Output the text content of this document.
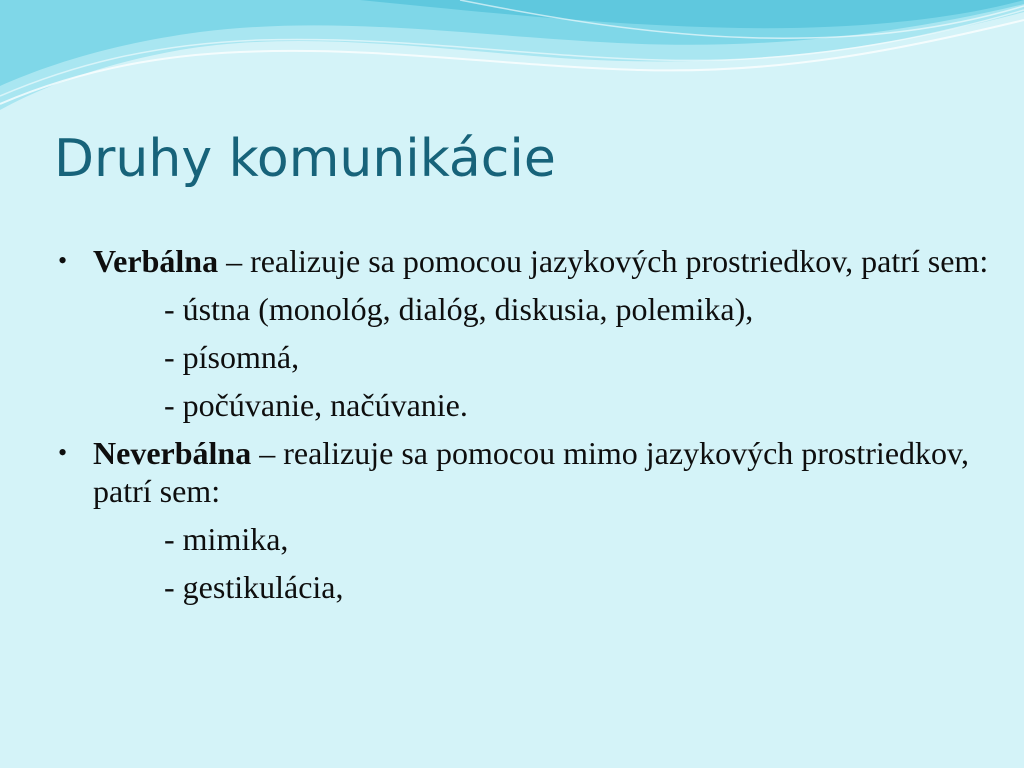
Druhy komunikácie
• Verbálna – realizuje sa pomocou jazykových prostriedkov, patrí sem:
- ústna (monológ, dialóg, diskusia, polemika),
- písomná,
- počúvanie, načúvanie.
• Neverbálna – realizuje sa pomocou mimo jazykových prostriedkov, patrí sem:
- mimika,
- gestikulácia,
